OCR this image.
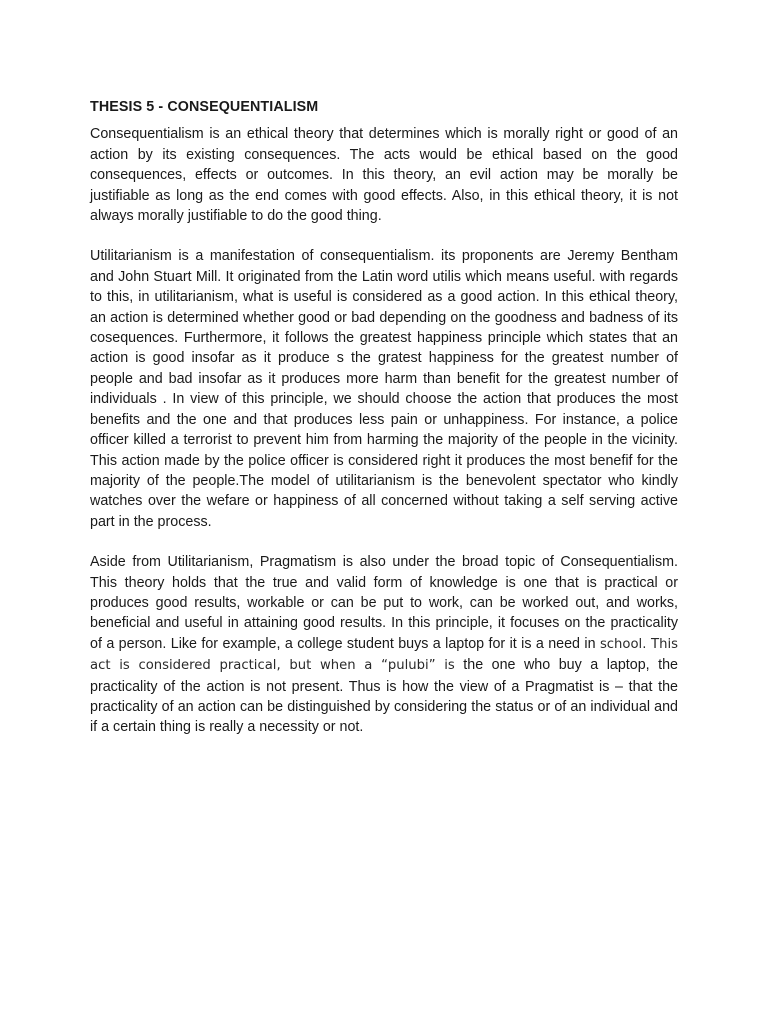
THESIS 5 - CONSEQUENTIALISM

Consequentialism is an ethical theory that determines which is morally right or good of an action by its existing consequences. The acts would be ethical based on the good consequences, effects or outcomes. In this theory, an evil action may be morally be justifiable as long as the end comes with good effects. Also, in this ethical theory, it is not always morally justifiable to do the good thing.

Utilitarianism is a manifestation of consequentialism. its proponents are Jeremy Bentham and John Stuart Mill. It originated from the Latin word utilis which means useful. with regards to this, in utilitarianism, what is useful is considered as a good action. In this ethical theory, an action is determined whether good or bad depending on the goodness and badness of its cosequences. Furthermore, it follows the greatest happiness principle which states that an action is good insofar as it produce s the gratest happiness for the greatest number of people and bad insofar as it produces more harm than benefit for the greatest number of individuals . In view of this principle, we should choose the action that produces the most benefits and the one and that produces less pain or unhappiness. For instance, a police officer killed a terrorist to prevent him from harming the majority of the people in the vicinity. This action made by the police officer is considered right it produces the most benefif for the majority of the people.The model of utilitarianism is the benevolent spectator who kindly watches over the wefare or happiness of all concerned without taking a self serving active part in the process.

Aside from Utilitarianism, Pragmatism is also under the broad topic of Consequentialism. This theory holds that the true and valid form of knowledge is one that is practical or produces good results, workable or can be put to work, can be worked out, and works, beneficial and useful in attaining good results. In this principle, it focuses on the practicality of a person. Like for example, a college student buys a laptop for it is a need in school. This act is considered practical, but when a “pulubi” is the one who buy a laptop, the practicality of the action is not present. Thus is how the view of a Pragmatist is – that the practicality of an action can be distinguished by considering the status or of an individual and if a certain thing is really a necessity or not.
